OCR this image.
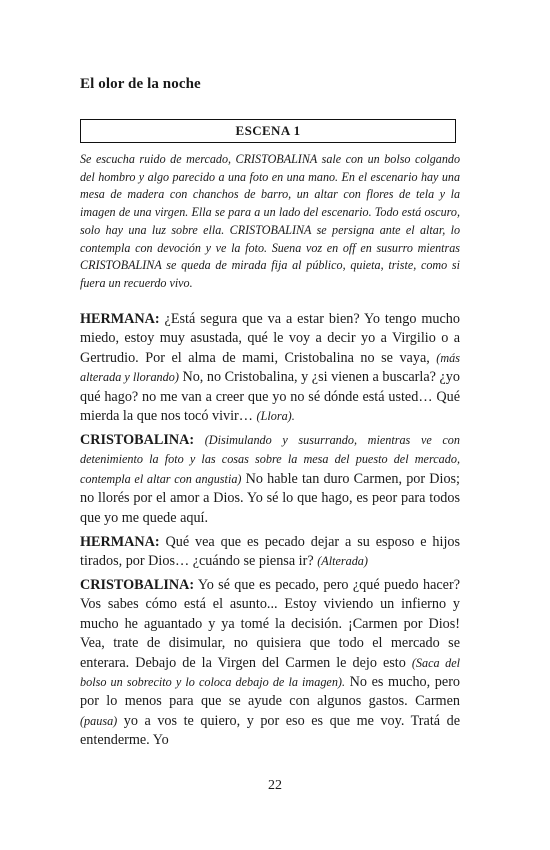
El olor de la noche
ESCENA 1
Se escucha ruido de mercado, CRISTOBALINA sale con un bolso colgando del hombro y algo parecido a una foto en una mano. En el escenario hay una mesa de madera con chanchos de barro, un altar con flores de tela y la imagen de una virgen. Ella se para a un lado del escenario. Todo está oscuro, solo hay una luz sobre ella. CRISTOBALINA se persigna ante el altar, lo contempla con devoción y ve la foto. Suena voz en off en susurro mientras CRISTOBALINA se queda de mirada fija al público, quieta, triste, como si fuera un recuerdo vivo.
HERMANA: ¿Está segura que va a estar bien? Yo tengo mucho miedo, estoy muy asustada, qué le voy a decir yo a Virgilio o a Gertrudio. Por el alma de mami, Cristobalina no se vaya, (más alterada y llorando) No, no Cristobalina, y ¿si vienen a buscarla? ¿yo qué hago? no me van a creer que yo no sé dónde está usted… Qué mierda la que nos tocó vivir… (Llora).
CRISTOBALINA: (Disimulando y susurrando, mientras ve con detenimiento la foto y las cosas sobre la mesa del puesto del mercado, contempla el altar con angustia) No hable tan duro Carmen, por Dios; no llorés por el amor a Dios. Yo sé lo que hago, es peor para todos que yo me quede aquí.
HERMANA: Qué vea que es pecado dejar a su esposo e hijos tirados, por Dios… ¿cuándo se piensa ir? (Alterada)
CRISTOBALINA: Yo sé que es pecado, pero ¿qué puedo hacer? Vos sabes cómo está el asunto... Estoy viviendo un infierno y mucho he aguantado y ya tomé la decisión. ¡Carmen por Dios! Vea, trate de disimular, no quisiera que todo el mercado se enterara. Debajo de la Virgen del Carmen le dejo esto (Saca del bolso un sobrecito y lo coloca debajo de la imagen). No es mucho, pero por lo menos para que se ayude con algunos gastos. Carmen (pausa) yo a vos te quiero, y por eso es que me voy. Tratá de entenderme. Yo
22
